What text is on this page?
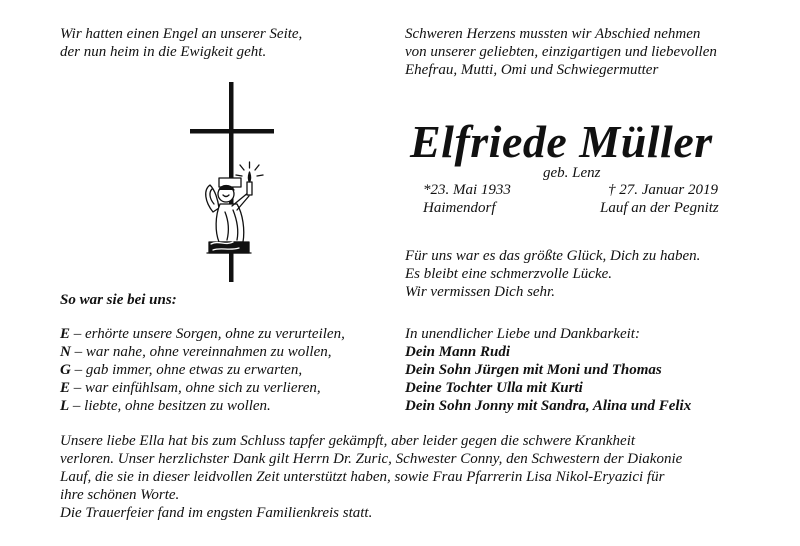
Wir hatten einen Engel an unserer Seite,
der nun heim in die Ewigkeit geht.
Schweren Herzens mussten wir Abschied nehmen
von unserer geliebten, einzigartigen und liebevollen
Ehefrau, Mutti, Omi und Schwiegermutter
Elfriede Müller
geb. Lenz
*23. Mai 1933
Haimendorf
† 27. Januar 2019
Lauf an der Pegnitz
Für uns war es das größte Glück, Dich zu haben.
Es bleibt eine schmerzvolle Lücke.
Wir vermissen Dich sehr.
So war sie bei uns:
E – erhörte unsere Sorgen, ohne zu verurteilen,
N – war nahe, ohne vereinnahmen zu wollen,
G – gab immer, ohne etwas zu erwarten,
E – war einfühlsam, ohne sich zu verlieren,
L – liebte, ohne besitzen zu wollen.
In unendlicher Liebe und Dankbarkeit:
Dein Mann Rudi
Dein Sohn Jürgen mit Moni und Thomas
Deine Tochter Ulla mit Kurti
Dein Sohn Jonny mit Sandra, Alina und Felix
Unsere liebe Ella hat bis zum Schluss tapfer gekämpft, aber leider gegen die schwere Krankheit
verloren. Unser herzlichster Dank gilt Herrn Dr. Zuric, Schwester Conny, den Schwestern der Diakonie
Lauf, die sie in dieser leidvollen Zeit unterstützt haben, sowie Frau Pfarrerin Lisa Nikol-Eryazici für
ihre schönen Worte.
Die Trauerfeier fand im engsten Familienkreis statt.
